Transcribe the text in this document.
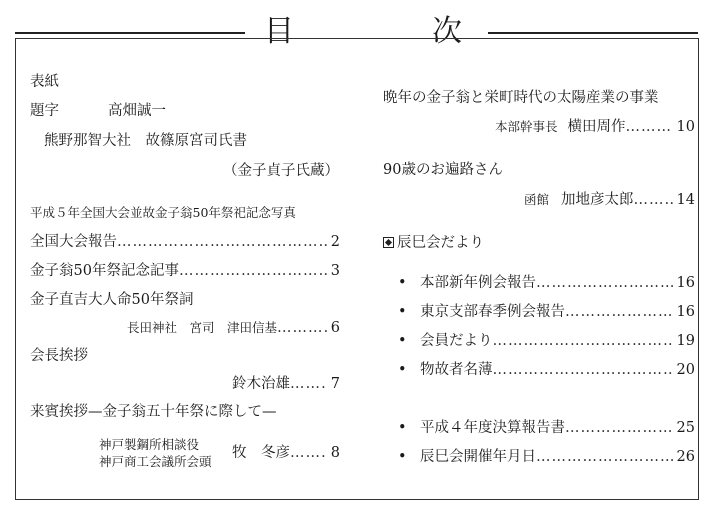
目	次
表紙
題字	高畑誠一
熊野那智大社　故篠原宮司氏書
（金子貞子氏蔵）
平成５年全国大会並故金子翁50年祭祀記念写真
全国大会報告 ……………………………………………………………………………………………………	2
金子翁50年祭記念記事 ……………………………………………………………………………………………………	3
金子直吉大人命50年祭詞
長田神社　宮司　津田信基 ……………………………………………………………………………………………………	6
会長挨拶
鈴木治雄 ……………………………………………………………………………………………………	7
来賓挨拶—金子翁五十年祭に際して—
神戸製鋼所相談役
神戸商工会議所会頭
牧　冬彦 ……………………………………………………………………………………………………	8
晩年の金子翁と栄町時代の太陽産業の事業
本部幹事長 横田周作 ……………………………………………………………………………………………………	10
90歳のお遍路さん
函館 加地彦太郎 ……………………………………………………………………………………………………	14
辰巳会だより
• 本部新年例会報告 ……………………………………………………………………………………………………	16
• 東京支部春季例会報告 ……………………………………………………………………………………………………	16
• 会員だより ……………………………………………………………………………………………………	19
• 物故者名薄 ……………………………………………………………………………………………………	20
• 平成４年度決算報告書 ……………………………………………………………………………………………………	25
• 辰巳会開催年月日 ……………………………………………………………………………………………………	26
